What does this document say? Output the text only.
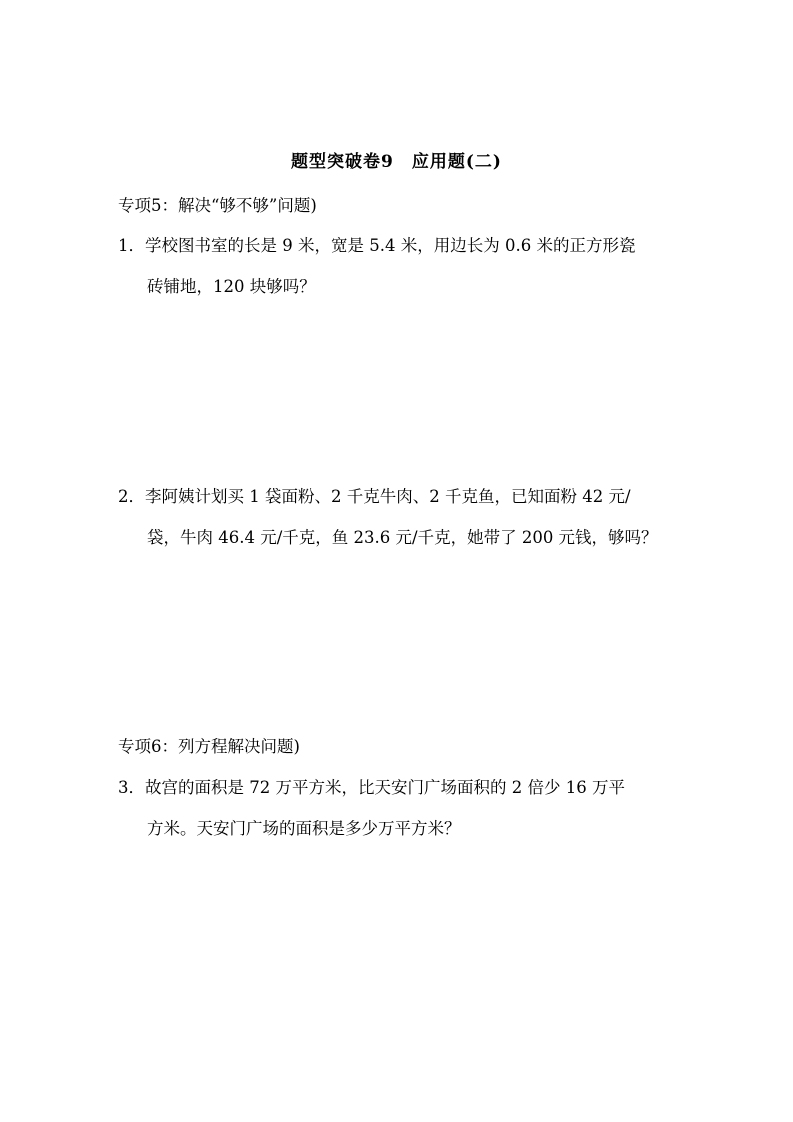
题型突破卷9　应用题(二)
专项5：解决“够不够”问题)
1．学校图书室的长是 9 米，宽是 5.4 米，用边长为 0.6 米的正方形瓷
砖铺地，120 块够吗？
2．李阿姨计划买 1 袋面粉、2 千克牛肉、2 千克鱼，已知面粉 42 元/
袋，牛肉 46.4 元/千克，鱼 23.6 元/千克，她带了 200 元钱，够吗？
专项6：列方程解决问题)
3．故宫的面积是 72 万平方米，比天安门广场面积的 2 倍少 16 万平
方米。天安门广场的面积是多少万平方米？
